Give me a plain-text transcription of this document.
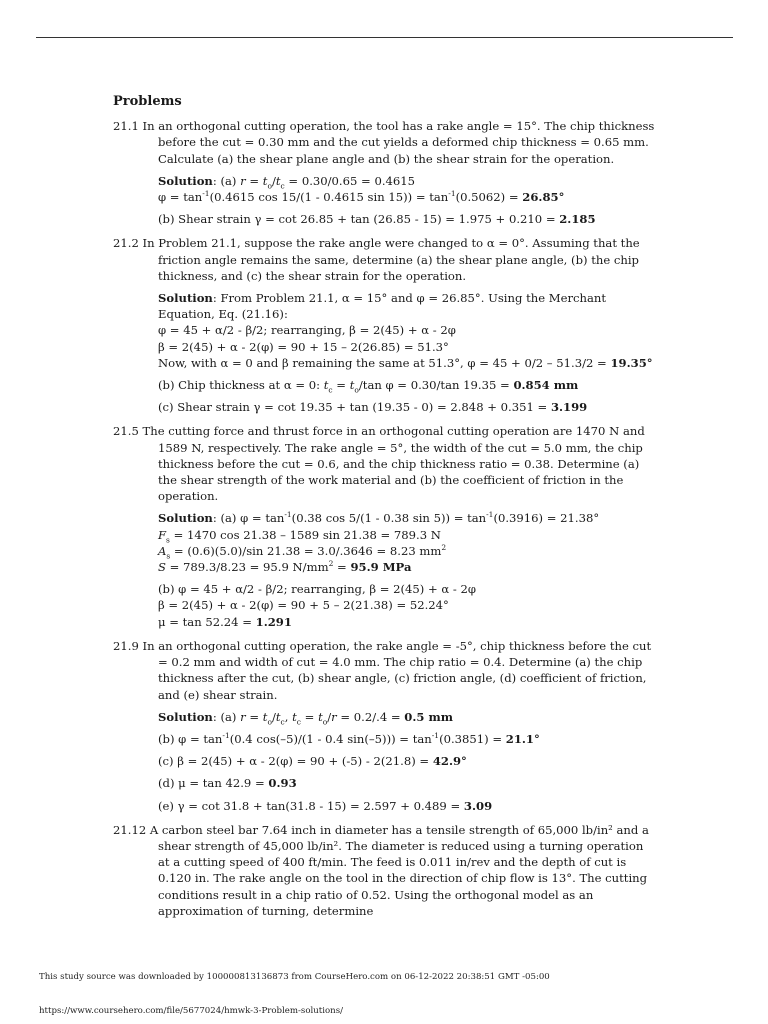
Problems
21.1 In an orthogonal cutting operation, the tool has a rake angle = 15°. The chip thickness before the cut = 0.30 mm and the cut yields a deformed chip thickness = 0.65 mm. Calculate (a) the shear plane angle and (b) the shear strain for the operation.
Solution: (a) $r = t_o/t_c = 0.30/0.65 = 0.4615$
$\varphi = \tan^{-1}(0.4615$ cos 15/(1 - 0.4615 $\sin 15)) = \tan^{-1}(0.5062) = 26.85^\circ$
(b) Shear strain γ = cot 26.85 + tan (26.85 - 15) = 1.975 + 0.210 = 2.185
21.2 In Problem 21.1, suppose the rake angle were changed to α = 0°. Assuming that the friction angle remains the same, determine (a) the shear plane angle, (b) the chip thickness, and (c) the shear strain for the operation.
Solution: From Problem 21.1, α = 15° and φ = 26.85°. Using the Merchant Equation, Eq. (21.16):
φ = 45 + α/2 - β/2; rearranging, β = 2(45) + α - 2φ
β = 2(45) + α - 2(φ) = 90 + 15 – 2(26.85) = 51.3°
Now, with α = 0 and β remaining the same at 51.3°, φ = 45 + 0/2 – 51.3/2 = 19.35°
(b) Chip thickness at α = 0: $t_c = t_o/\tan$ φ = 0.30/tan 19.35 = 0.854 mm
(c) Shear strain γ = cot 19.35 + tan (19.35 - 0) = 2.848 + 0.351 = 3.199
21.5 The cutting force and thrust force in an orthogonal cutting operation are 1470 N and 1589 N, respectively. The rake angle = 5°, the width of the cut = 5.0 mm, the chip thickness before the cut = 0.6, and the chip thickness ratio = 0.38. Determine (a) the shear strength of the work material and (b) the coefficient of friction in the operation.
Solution: (a) $\varphi = \tan^{-1}(0.38$ cos 5/(1 - 0.38 $\sin 5)) = \tan^{-1}(0.3916) = 21.38^\circ$
$F_s = 1470$ cos 21.38 – 1589 sin 21.38 = 789.3 N
$A_s = (0.6)(5.0)/\sin$ 21.38 = 3.0/.3646 = 8.23 $mm^2$
S = 789.3/8.23 = 95.9 $N/mm^2 = 95.9$ MPa
(b) φ = 45 + α/2 - β/2; rearranging, β = 2(45) + α - 2φ
β = 2(45) + α - 2(φ) = 90 + 5 – 2(21.38) = 52.24°
μ = tan 52.24 = 1.291
21.9 In an orthogonal cutting operation, the rake angle = -5°, chip thickness before the cut = 0.2 mm and width of cut = 4.0 mm. The chip ratio = 0.4. Determine (a) the chip thickness after the cut, (b) shear angle, (c) friction angle, (d) coefficient of friction, and (e) shear strain.
Solution: (a) $r = t_o/t_c$, $t_c = t_o/r = 0.2/.4 = 0.5$ mm
(b) $\varphi = \tan^{-1}(0.4$ cos(–5)/(1 - 0.4 $\sin(-5))) = \tan^{-1}(0.3851) = 21.1^\circ$
(c) β = 2(45) + α - 2(φ) = 90 + (-5) - 2(21.8) = 42.9°
(d) μ = tan 42.9 = 0.93
(e) γ = cot 31.8 + tan(31.8 - 15) = 2.597 + 0.489 = 3.09
21.12 A carbon steel bar 7.64 inch in diameter has a tensile strength of 65,000 lb/in² and a shear strength of 45,000 lb/in². The diameter is reduced using a turning operation at a cutting speed of 400 ft/min. The feed is 0.011 in/rev and the depth of cut is 0.120 in. The rake angle on the tool in the direction of chip flow is 13°. The cutting conditions result in a chip ratio of 0.52. Using the orthogonal model as an approximation of turning, determine
This study source was downloaded by 100000813136873 from CourseHero.com on 06-12-2022 20:38:51 GMT -05:00
https://www.coursehero.com/file/5677024/hmwk-3-Problem-solutions/
